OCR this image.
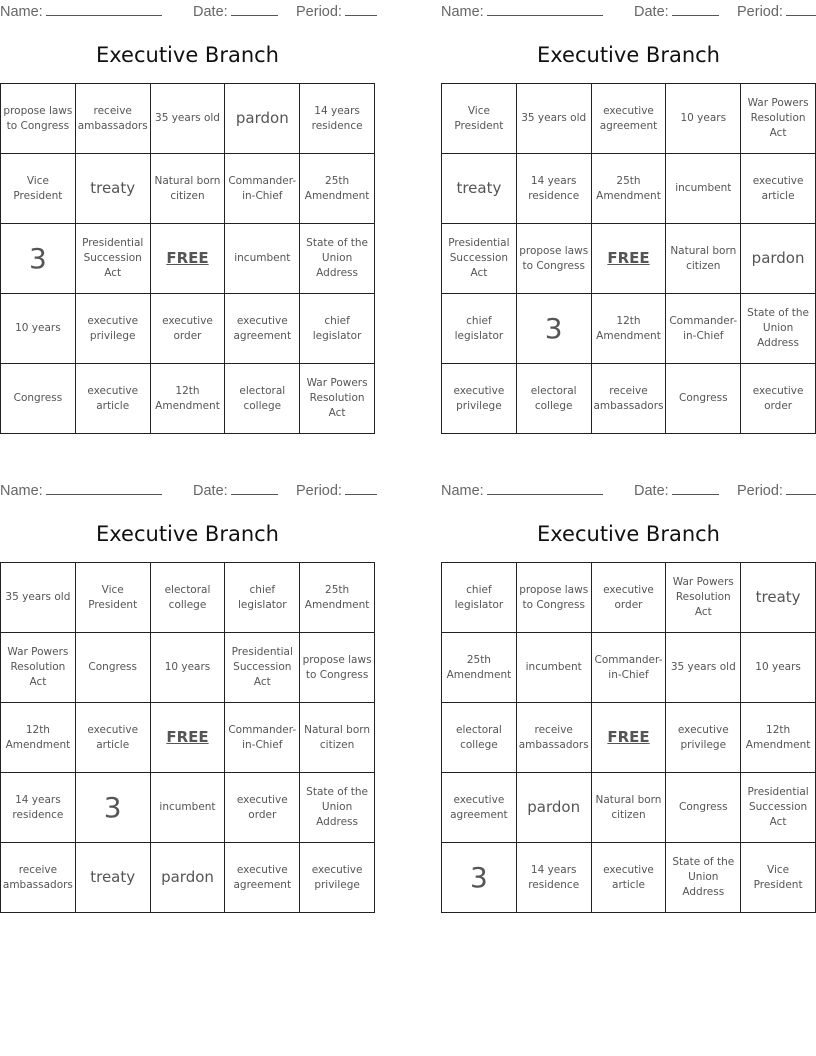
Name:	Date:	Period:
Executive Branch
propose laws to Congress	receive ambassadors	35 years old	pardon	14 years residence
Vice President	treaty	Natural born citizen	Commander-in-Chief	25th Amendment
3	Presidential Succession Act	FREE	incumbent	State of the Union Address
10 years	executive privilege	executive order	executive agreement	chief legislator
Congress	executive article	12th Amendment	electoral college	War Powers Resolution Act
Name:	Date:	Period:
Executive Branch
Vice President	35 years old	executive agreement	10 years	War Powers Resolution Act
treaty	14 years residence	25th Amendment	incumbent	executive article
Presidential Succession Act	propose laws to Congress	FREE	Natural born citizen	pardon
chief legislator	3	12th Amendment	Commander-in-Chief	State of the Union Address
executive privilege	electoral college	receive ambassadors	Congress	executive order
Name:	Date:	Period:
Executive Branch
35 years old	Vice President	electoral college	chief legislator	25th Amendment
War Powers Resolution Act	Congress	10 years	Presidential Succession Act	propose laws to Congress
12th Amendment	executive article	FREE	Commander-in-Chief	Natural born citizen
14 years residence	3	incumbent	executive order	State of the Union Address
receive ambassadors	treaty	pardon	executive agreement	executive privilege
Name:	Date:	Period:
Executive Branch
chief legislator	propose laws to Congress	executive order	War Powers Resolution Act	treaty
25th Amendment	incumbent	Commander-in-Chief	35 years old	10 years
electoral college	receive ambassadors	FREE	executive privilege	12th Amendment
executive agreement	pardon	Natural born citizen	Congress	Presidential Succession Act
3	14 years residence	executive article	State of the Union Address	Vice President
